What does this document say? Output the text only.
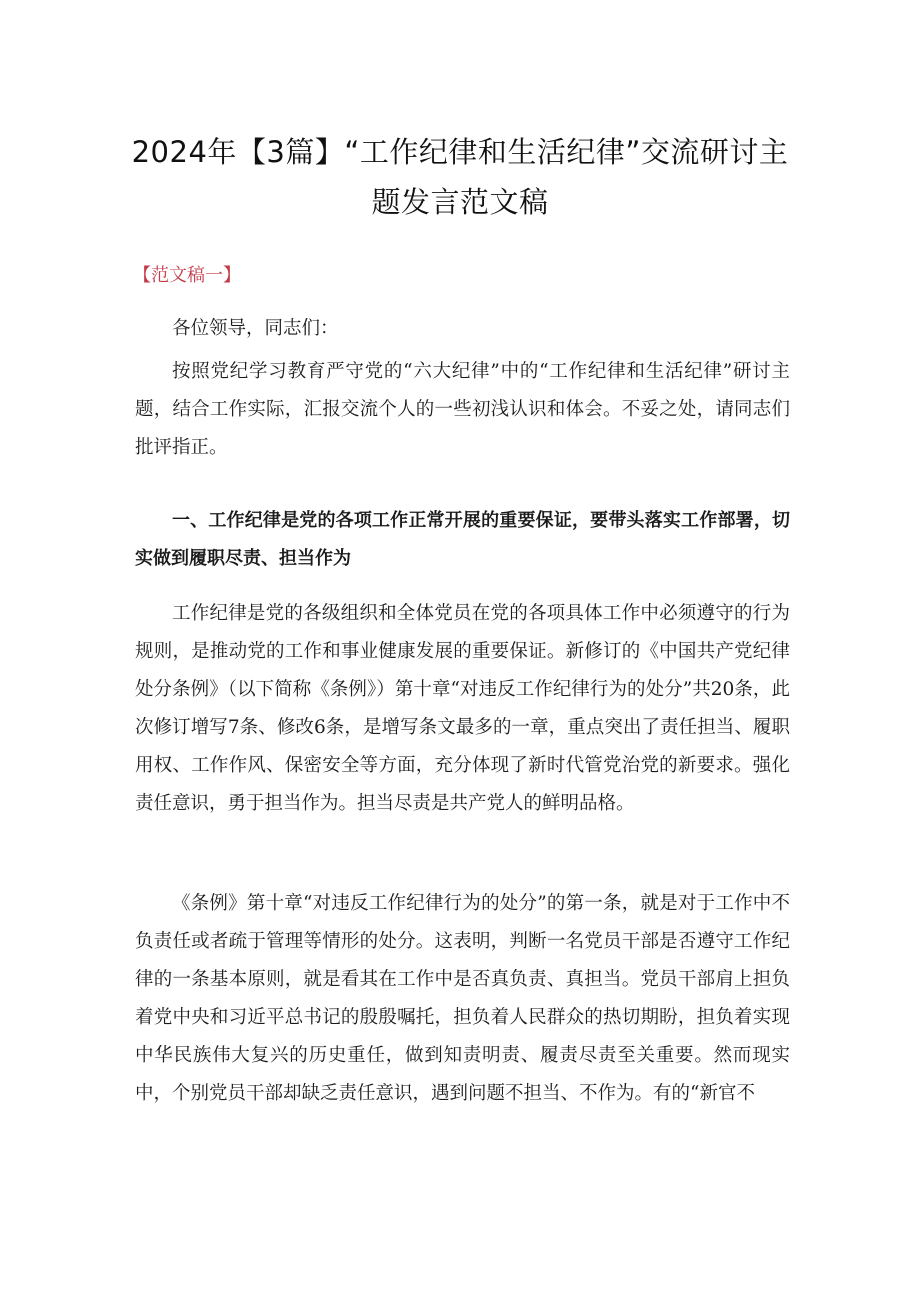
2024年【3篇】“工作纪律和生活纪律”交流研讨主题发言范文稿
【范文稿一】

各位领导，同志们：

按照党纪学习教育严守党的“六大纪律”中的“工作纪律和生活纪律”研讨主题，结合工作实际，汇报交流个人的一些初浅认识和体会。不妥之处，请同志们批评指正。

一、工作纪律是党的各项工作正常开展的重要保证，要带头落实工作部署，切实做到履职尽责、担当作为

工作纪律是党的各级组织和全体党员在党的各项具体工作中必须遵守的行为规则，是推动党的工作和事业健康发展的重要保证。新修订的《中国共产党纪律处分条例》（以下简称《条例》）第十章“对违反工作纪律行为的处分”共20条，此次修订增写7条、修改6条，是增写条文最多的一章，重点突出了责任担当、履职用权、工作作风、保密安全等方面，充分体现了新时代管党治党的新要求。强化责任意识，勇于担当作为。担当尽责是共产党人的鲜明品格。

《条例》第十章“对违反工作纪律行为的处分”的第一条，就是对于工作中不负责任或者疏于管理等情形的处分。这表明，判断一名党员干部是否遵守工作纪律的一条基本原则，就是看其在工作中是否真负责、真担当。党员干部肩上担负着党中央和习近平总书记的殷殷嘱托，担负着人民群众的热切期盼，担负着实现中华民族伟大复兴的历史重任，做到知责明责、履责尽责至关重要。然而现实中，个别党员干部却缺乏责任意识，遇到问题不担当、不作为。有的“新官不
